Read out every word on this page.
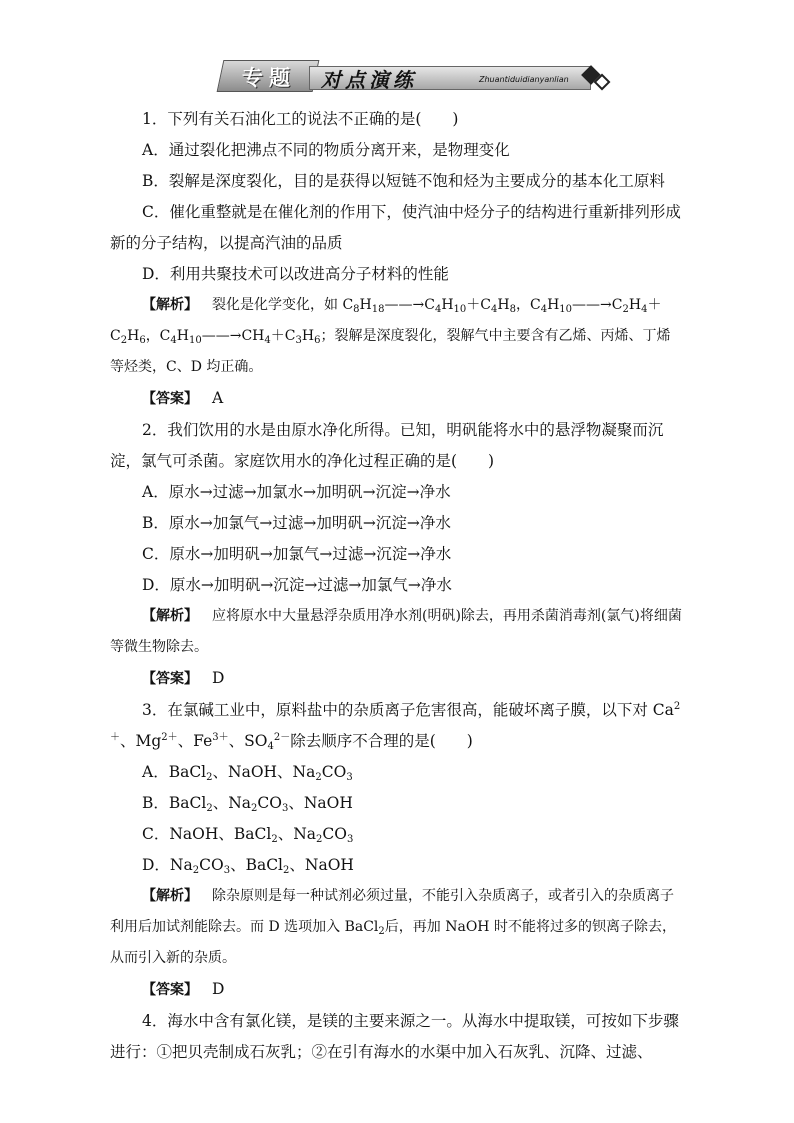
专题	对点演练	Zhuantiduidianyanlian

1．下列有关石油化工的说法不正确的是(　　)

A．通过裂化把沸点不同的物质分离开来，是物理变化

B．裂解是深度裂化，目的是获得以短链不饱和烃为主要成分的基本化工原料

C．催化重整就是在催化剂的作用下，使汽油中烃分子的结构进行重新排列形成新的分子结构，以提高汽油的品质

D．利用共聚技术可以改进高分子材料的性能

【解析】 裂化是化学变化，如 $C_8H_{18}——\to C_4H_{10}+C_4H_8$，$C_4H_{10}——\to C_2H_4+C_2H_6$，$C_4H_{10}——\to CH_4+C_3H_6$；裂解是深度裂化，裂解气中主要含有乙烯、丙烯、丁烯等烃类，C、D 均正确。

【答案】 A

2．我们饮用的水是由原水净化所得。已知，明矾能将水中的悬浮物凝聚而沉淀，氯气可杀菌。家庭饮用水的净化过程正确的是(　　)

A．原水→过滤→加氯水→加明矾→沉淀→净水

B．原水→加氯气→过滤→加明矾→沉淀→净水

C．原水→加明矾→加氯气→过滤→沉淀→净水

D．原水→加明矾→沉淀→过滤→加氯气→净水

【解析】 应将原水中大量悬浮杂质用净水剂(明矾)除去，再用杀菌消毒剂(氯气)将细菌等微生物除去。

【答案】 D

3．在氯碱工业中，原料盐中的杂质离子危害很高，能破坏离子膜，以下对 $Ca^{2+}$、$Mg^{2+}$、$Fe^{3+}$、$SO_4^{2-}$除去顺序不合理的是(　　)

A．BaCl$_2$、NaOH、$Na_2CO_3$

B．BaCl$_2$、$Na_2CO_3$、NaOH

C．NaOH、BaCl$_2$、$Na_2CO_3$

D．$Na_2CO_3$、BaCl$_2$、NaOH

【解析】 除杂原则是每一种试剂必须过量，不能引入杂质离子，或者引入的杂质离子利用后加试剂能除去。而 D 选项加入 BaCl$_2$后，再加 NaOH 时不能将过多的钡离子除去，从而引入新的杂质。

【答案】 D

4．海水中含有氯化镁，是镁的主要来源之一。从海水中提取镁，可按如下步骤进行：①把贝壳制成石灰乳；②在引有海水的水渠中加入石灰乳、沉降、过滤、
